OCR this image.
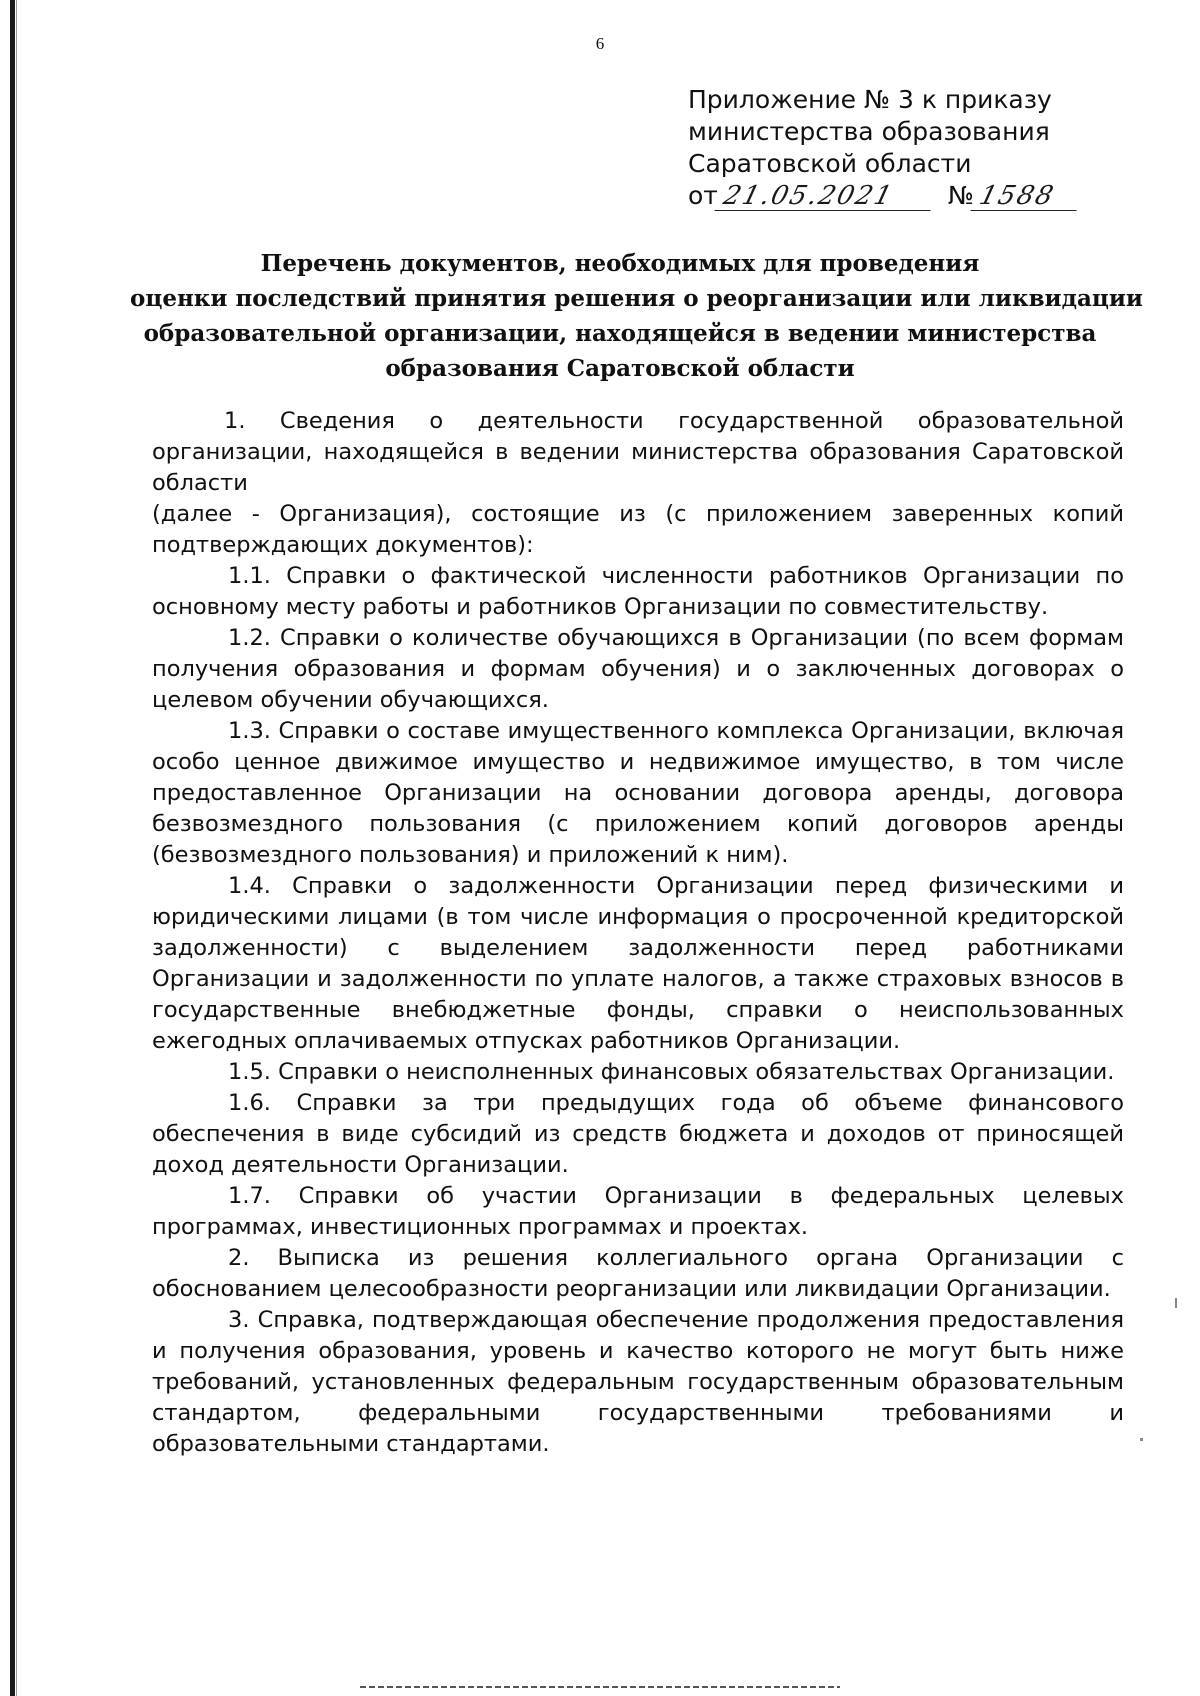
6
Приложение № 3 к приказу
министерства образования
Саратовской области
от21.05.2021 №1588
Перечень документов, необходимых для проведения
оценки последствий принятия решения о реорганизации или ликвидации
образовательной организации, находящейся в ведении министерства
образования Саратовской области

1. Сведения о деятельности государственной образовательной организации, находящейся в ведении министерства образования Саратовской области

(далее - Организация), состоящие из (с приложением заверенных копий подтверждающих документов):

1.1. Справки о фактической численности работников Организации по основному месту работы и работников Организации по совместительству.

1.2. Справки о количестве обучающихся в Организации (по всем формам получения образования и формам обучения) и о заключенных договорах о целевом обучении обучающихся.

1.3. Справки о составе имущественного комплекса Организации, включая особо ценное движимое имущество и недвижимое имущество, в том числе предоставленное Организации на основании договора аренды, договора безвозмездного пользования (с приложением копий договоров аренды (безвозмездного пользования) и приложений к ним).

1.4. Справки о задолженности Организации перед физическими и юридическими лицами (в том числе информация о просроченной кредиторской задолженности) с выделением задолженности перед работниками Организации и задолженности по уплате налогов, а также страховых взносов в государственные внебюджетные фонды, справки о неиспользованных ежегодных оплачиваемых отпусках работников Организации.

1.5. Справки о неисполненных финансовых обязательствах Организации.

1.6. Справки за три предыдущих года об объеме финансового обеспечения в виде субсидий из средств бюджета и доходов от приносящей доход деятельности Организации.

1.7. Справки об участии Организации в федеральных целевых программах, инвестиционных программах и проектах.

2. Выписка из решения коллегиального органа Организации с обоснованием целесообразности реорганизации или ликвидации Организации.

3. Справка, подтверждающая обеспечение продолжения предоставления и получения образования, уровень и качество которого не могут быть ниже требований, установленных федеральным государственным образовательным стандартом, федеральными государственными требованиями и образовательными стандартами.
